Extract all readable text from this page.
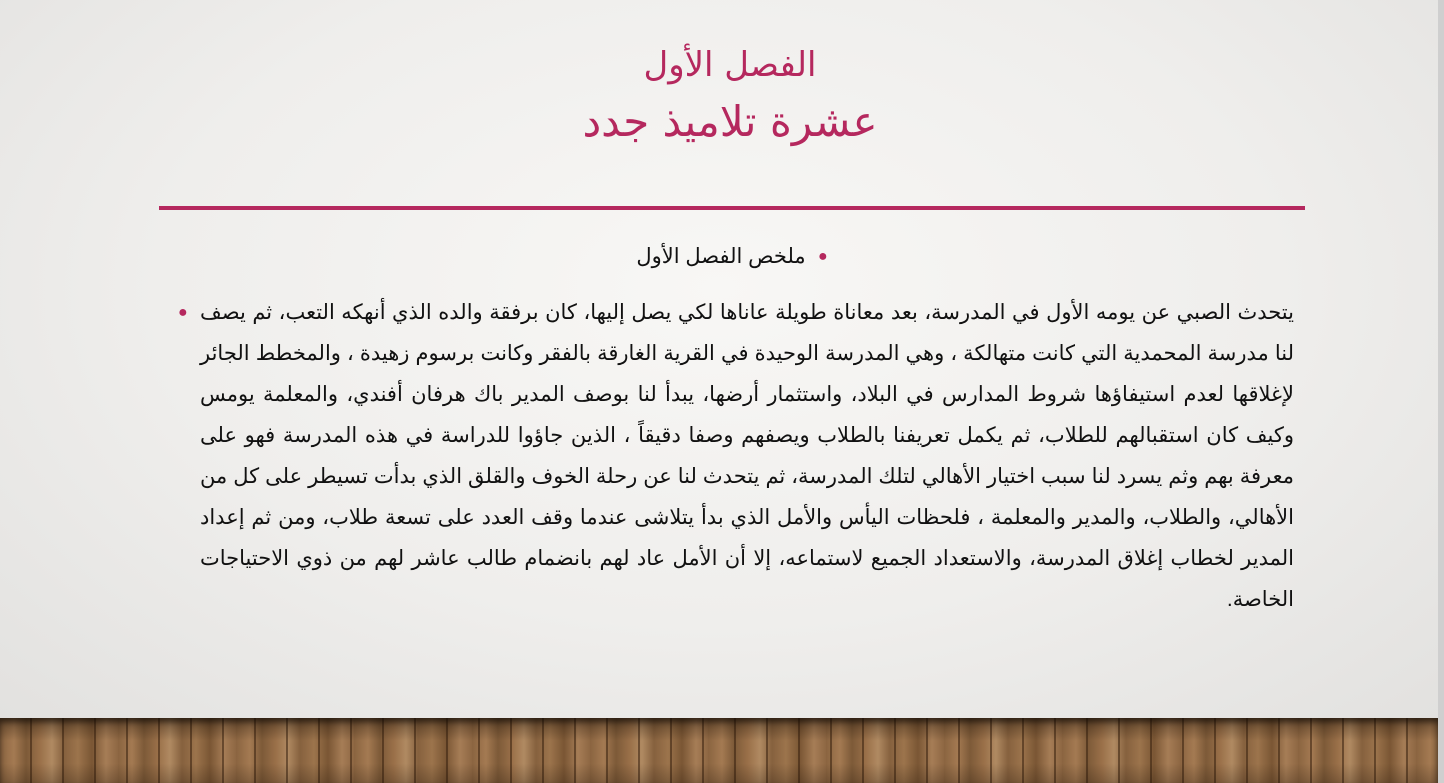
الفصل الأول
عشرة تلاميذ جدد
●
ملخص الفصل الأول
● يتحدث الصبي عن يومه الأول في المدرسة، بعد معاناة طويلة عاناها لكي يصل إليها، كان برفقة والده الذي أنهكه التعب، ثم يصف لنا مدرسة المحمدية التي كانت متهالكة ، وهي المدرسة الوحيدة في القرية الغارقة بالفقر وكانت برسوم زهيدة ، والمخطط الجائر لإغلاقها لعدم استيفاؤها شروط المدارس في البلاد، واستثمار أرضها، يبدأ لنا بوصف المدير باك هرفان أفندي، والمعلمة يومس وكيف كان استقبالهم للطلاب، ثم يكمل تعريفنا بالطلاب ويصفهم وصفا دقيقاً ، الذين جاؤوا للدراسة في هذه المدرسة فهو على معرفة بهم وثم يسرد لنا سبب اختيار الأهالي لتلك المدرسة، ثم يتحدث لنا عن رحلة الخوف والقلق الذي بدأت تسيطر على كل من الأهالي، والطلاب، والمدير والمعلمة ، فلحظات اليأس والأمل الذي بدأ يتلاشى عندما وقف العدد على تسعة طلاب، ومن ثم إعداد المدير لخطاب إغلاق المدرسة، والاستعداد الجميع لاستماعه، إلا أن الأمل عاد لهم بانضمام طالب عاشر لهم من ذوي الاحتياجات الخاصة.
